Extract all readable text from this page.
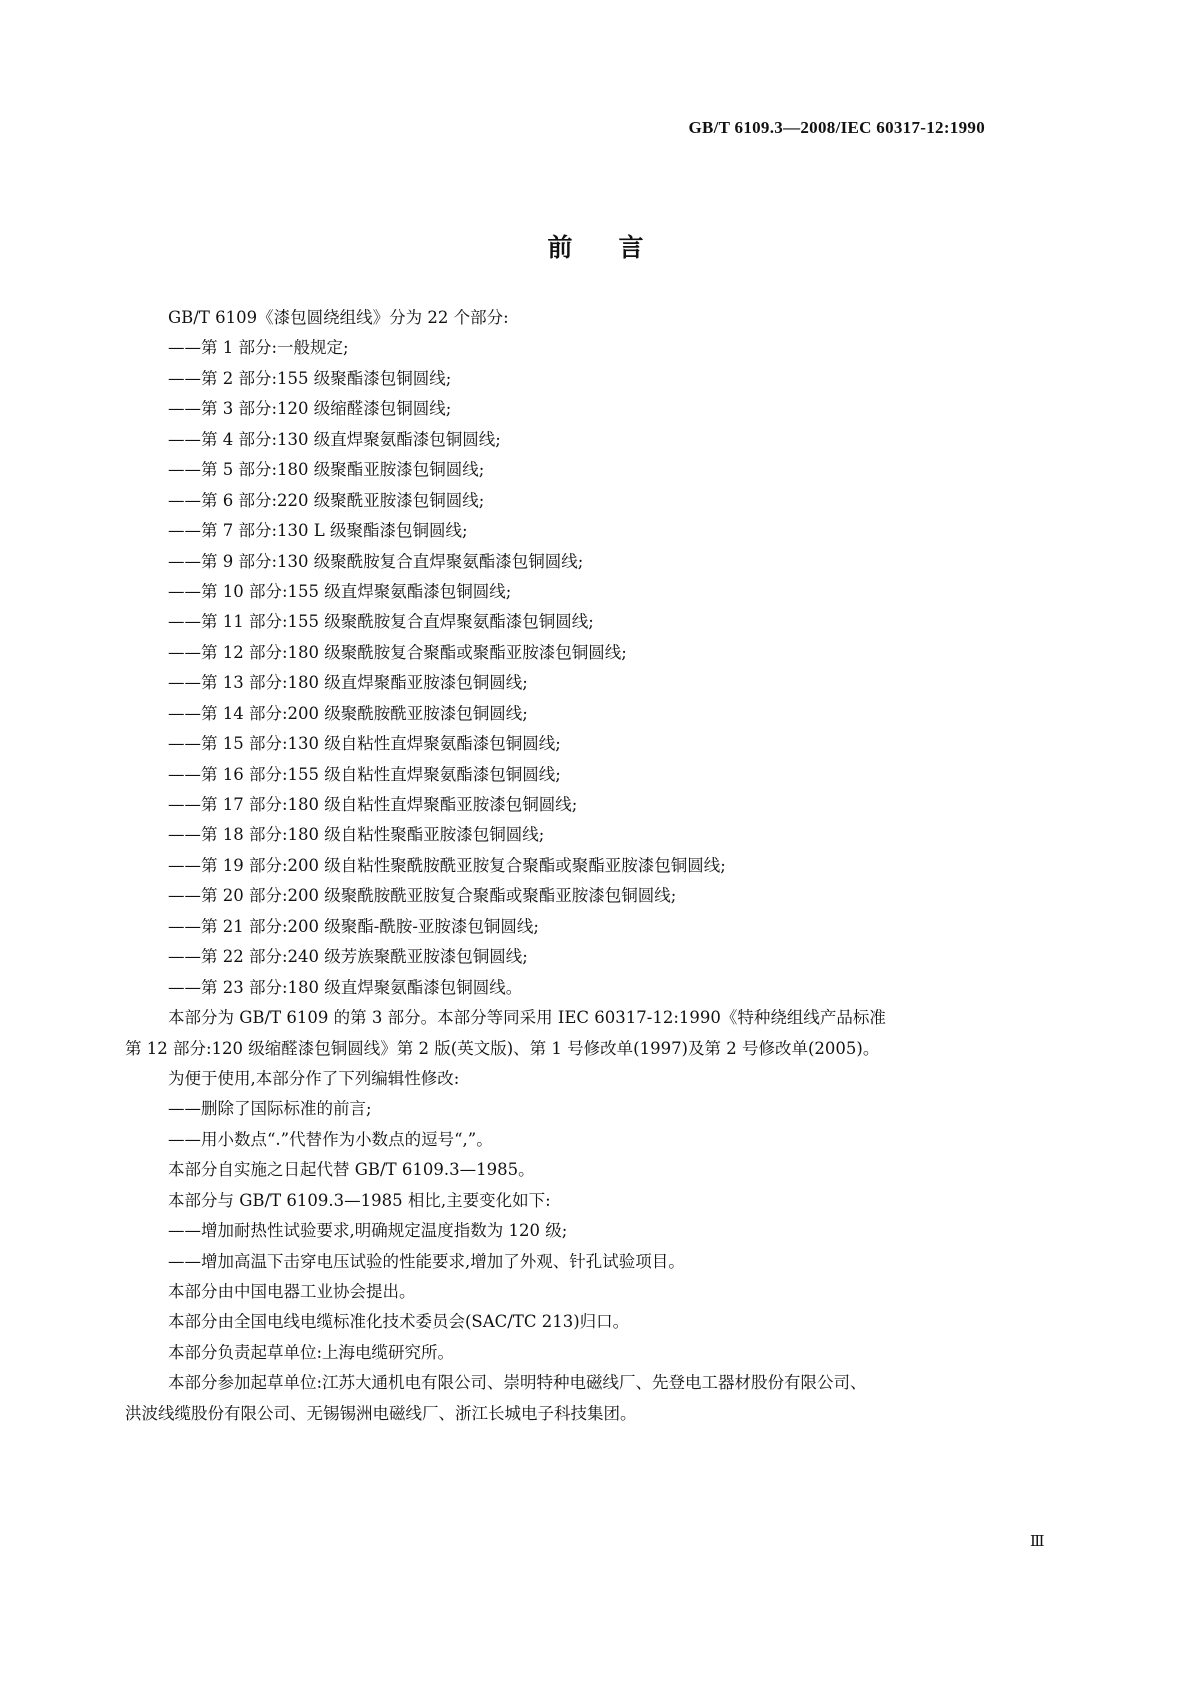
GB/T 6109.3—2008/IEC 60317-12:1990
前言
GB/T 6109《漆包圆绕组线》分为 22 个部分:
——第 1 部分:一般规定;
——第 2 部分:155 级聚酯漆包铜圆线;
——第 3 部分:120 级缩醛漆包铜圆线;
——第 4 部分:130 级直焊聚氨酯漆包铜圆线;
——第 5 部分:180 级聚酯亚胺漆包铜圆线;
——第 6 部分:220 级聚酰亚胺漆包铜圆线;
——第 7 部分:130 L 级聚酯漆包铜圆线;
——第 9 部分:130 级聚酰胺复合直焊聚氨酯漆包铜圆线;
——第 10 部分:155 级直焊聚氨酯漆包铜圆线;
——第 11 部分:155 级聚酰胺复合直焊聚氨酯漆包铜圆线;
——第 12 部分:180 级聚酰胺复合聚酯或聚酯亚胺漆包铜圆线;
——第 13 部分:180 级直焊聚酯亚胺漆包铜圆线;
——第 14 部分:200 级聚酰胺酰亚胺漆包铜圆线;
——第 15 部分:130 级自粘性直焊聚氨酯漆包铜圆线;
——第 16 部分:155 级自粘性直焊聚氨酯漆包铜圆线;
——第 17 部分:180 级自粘性直焊聚酯亚胺漆包铜圆线;
——第 18 部分:180 级自粘性聚酯亚胺漆包铜圆线;
——第 19 部分:200 级自粘性聚酰胺酰亚胺复合聚酯或聚酯亚胺漆包铜圆线;
——第 20 部分:200 级聚酰胺酰亚胺复合聚酯或聚酯亚胺漆包铜圆线;
——第 21 部分:200 级聚酯-酰胺-亚胺漆包铜圆线;
——第 22 部分:240 级芳族聚酰亚胺漆包铜圆线;
——第 23 部分:180 级直焊聚氨酯漆包铜圆线。
本部分为 GB/T 6109 的第 3 部分。本部分等同采用 IEC 60317-12:1990《特种绕组线产品标准
第 12 部分:120 级缩醛漆包铜圆线》第 2 版(英文版)、第 1 号修改单(1997)及第 2 号修改单(2005)。
为便于使用,本部分作了下列编辑性修改:
——删除了国际标准的前言;
——用小数点“.”代替作为小数点的逗号“,”。
本部分自实施之日起代替 GB/T 6109.3—1985。
本部分与 GB/T 6109.3—1985 相比,主要变化如下:
——增加耐热性试验要求,明确规定温度指数为 120 级;
——增加高温下击穿电压试验的性能要求,增加了外观、针孔试验项目。
本部分由中国电器工业协会提出。
本部分由全国电线电缆标准化技术委员会(SAC/TC 213)归口。
本部分负责起草单位:上海电缆研究所。
本部分参加起草单位:江苏大通机电有限公司、崇明特种电磁线厂、先登电工器材股份有限公司、
洪波线缆股份有限公司、无锡锡洲电磁线厂、浙江长城电子科技集团。
Ⅲ
